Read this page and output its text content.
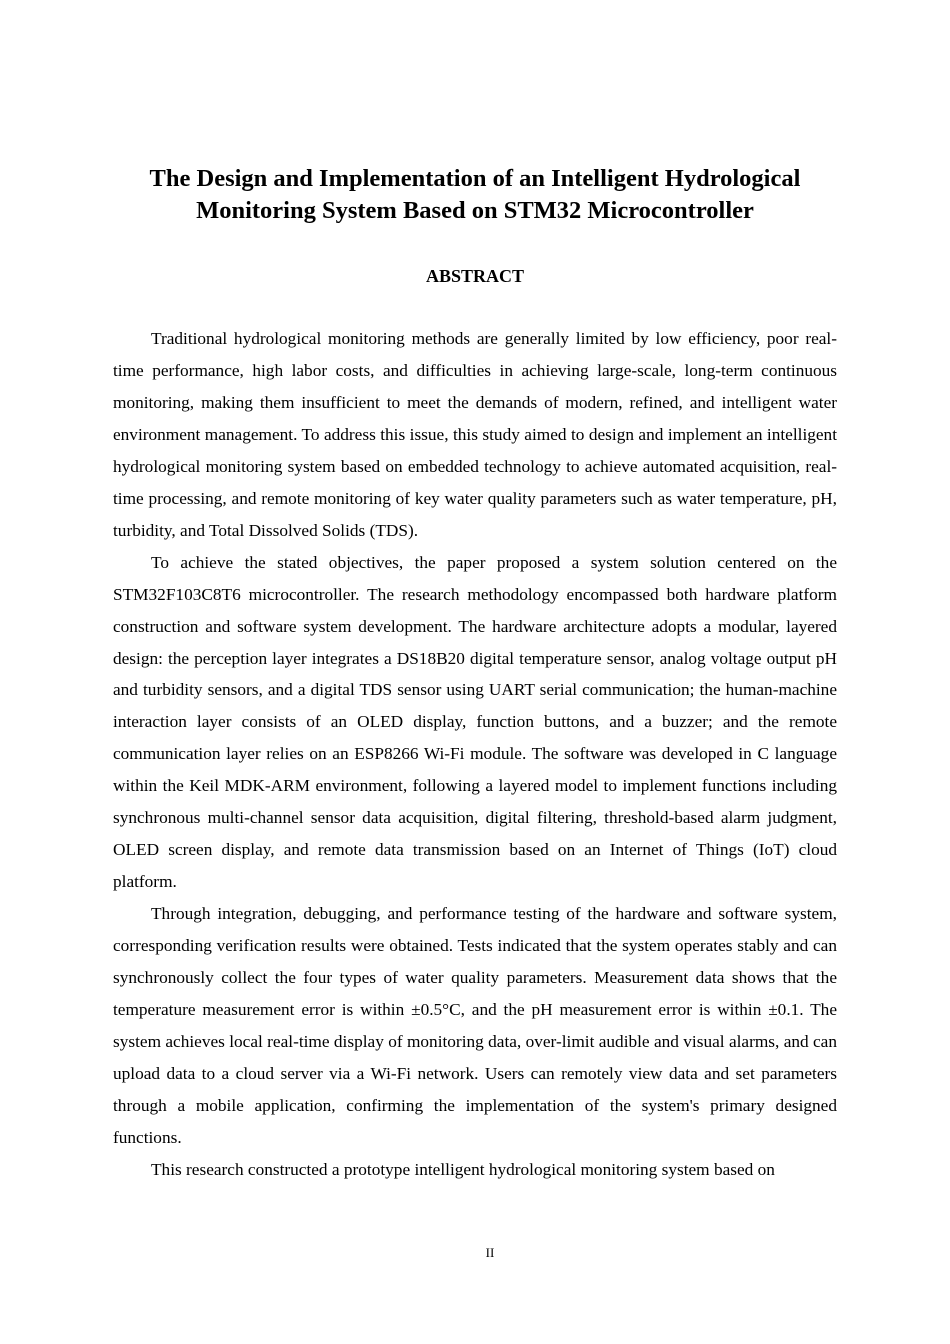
The Design and Implementation of an Intelligent Hydrological
Monitoring System Based on STM32 Microcontroller
ABSTRACT

Traditional hydrological monitoring methods are generally limited by low efficiency, poor real-time performance, high labor costs, and difficulties in achieving large-scale, long-term continuous monitoring, making them insufficient to meet the demands of modern, refined, and intelligent water environment management. To address this issue, this study aimed to design and implement an intelligent hydrological monitoring system based on embedded technology to achieve automated acquisition, real-time processing, and remote monitoring of key water quality parameters such as water temperature, pH, turbidity, and Total Dissolved Solids (TDS).

To achieve the stated objectives, the paper proposed a system solution centered on the STM32F103C8T6 microcontroller. The research methodology encompassed both hardware platform construction and software system development. The hardware architecture adopts a modular, layered design: the perception layer integrates a DS18B20 digital temperature sensor, analog voltage output pH and turbidity sensors, and a digital TDS sensor using UART serial communication; the human-machine interaction layer consists of an OLED display, function buttons, and a buzzer; and the remote communication layer relies on an ESP8266 Wi-Fi module. The software was developed in C language within the Keil MDK-ARM environment, following a layered model to implement functions including synchronous multi-channel sensor data acquisition, digital filtering, threshold-based alarm judgment, OLED screen display, and remote data transmission based on an Internet of Things (IoT) cloud platform.

Through integration, debugging, and performance testing of the hardware and software system, corresponding verification results were obtained. Tests indicated that the system operates stably and can synchronously collect the four types of water quality parameters. Measurement data shows that the temperature measurement error is within ±0.5°C, and the pH measurement error is within ±0.1. The system achieves local real-time display of monitoring data, over-limit audible and visual alarms, and can upload data to a cloud server via a Wi-Fi network. Users can remotely view data and set parameters through a mobile application, confirming the implementation of the system's primary designed functions.

This research constructed a prototype intelligent hydrological monitoring system based on

II
